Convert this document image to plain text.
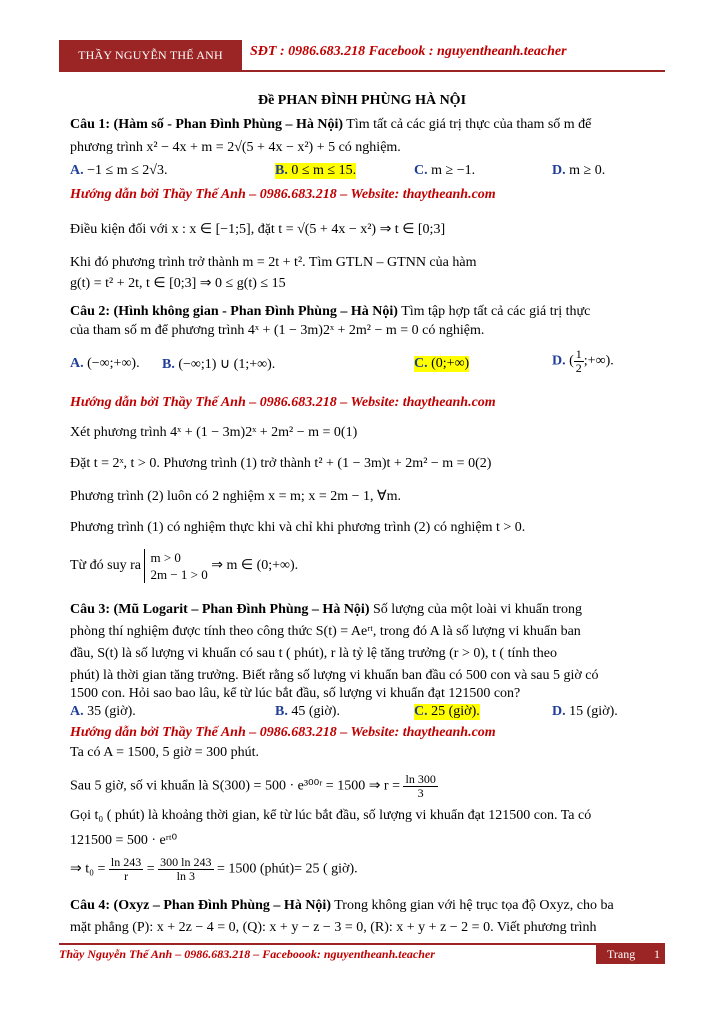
THẦY NGUYỄN THẾ ANH	SĐT : 0986.683.218 Facebook : nguyentheanh.teacher
Đề PHAN ĐÌNH PHÙNG HÀ NỘI
Câu 1: (Hàm số - Phan Đình Phùng – Hà Nội) Tìm tất cả các giá trị thực của tham số m để
phương trình x² − 4x + m = 2√(5 + 4x − x²) + 5 có nghiệm.
A. −1 ≤ m ≤ 2√3.	B. 0 ≤ m ≤ 15.	C. m ≥ −1.	D. m ≥ 0.
Hướng dẫn bởi Thầy Thế Anh – 0986.683.218 – Website: thaytheanh.com
Điều kiện đối với x : x ∈ [−1;5], đặt t = √(5 + 4x − x²) ⇒ t ∈ [0;3]
Khi đó phương trình trở thành m = 2t + t². Tìm GTLN – GTNN của hàm
g(t) = t² + 2t, t ∈ [0;3] ⇒ 0 ≤ g(t) ≤ 15
Câu 2: (Hình không gian - Phan Đình Phùng – Hà Nội) Tìm tập hợp tất cả các giá trị thực
của tham số m để phương trình 4ˣ + (1 − 3m)2ˣ + 2m² − m = 0 có nghiệm.
A. (−∞;+∞). B. (−∞;1) ∪ (1;+∞).	C. (0;+∞)	D. ( $\frac{1}{2}$ ;+∞).
Hướng dẫn bởi Thầy Thế Anh – 0986.683.218 – Website: thaytheanh.com
Xét phương trình 4ˣ + (1 − 3m)2ˣ + 2m² − m = 0(1)
Đặt t = 2ˣ, t > 0. Phương trình (1) trở thành t² + (1 − 3m)t + 2m² − m = 0(2)
Phương trình (2) luôn có 2 nghiệm x = m; x = 2m − 1, ∀m.
Phương trình (1) có nghiệm thực khi và chỉ khi phương trình (2) có nghiệm t > 0.
Từ đó suy ra
m > 0
2m − 1 > 0
⇒ m ∈ (0;+∞).
Câu 3: (Mũ Logarit – Phan Đình Phùng – Hà Nội) Số lượng của một loài vi khuẩn trong
phòng thí nghiệm được tính theo công thức S(t) = Aeʳᵗ, trong đó A là số lượng vi khuẩn ban
đầu, S(t) là số lượng vi khuẩn có sau t ( phút), r là tỷ lệ tăng trưởng (r > 0), t ( tính theo
phút) là thời gian tăng trưởng. Biết rằng số lượng vi khuẩn ban đầu có 500 con và sau 5 giờ có
1500 con. Hỏi sao bao lâu, kể từ lúc bắt đầu, số lượng vi khuẩn đạt 121500 con?
A. 35 (giờ).	B. 45 (giờ).	C. 25 (giờ).	D. 15 (giờ).
Hướng dẫn bởi Thầy Thế Anh – 0986.683.218 – Website: thaytheanh.com
Ta có A = 1500, 5 giờ = 300 phút.
Sau 5 giờ, số vi khuẩn là S(300) = 500 · e³⁰⁰ʳ = 1500 ⇒ $r = \frac{\ln 300}{3}$
Gọi t₀ ( phút) là khoảng thời gian, kể từ lúc bắt đầu, số lượng vi khuẩn đạt 121500 con. Ta có
121500 = 500 · eʳᵗ⁰
⇒ $t_0 = \frac{\ln 243}{r} = \frac{300 \ln 243}{\ln 3} = 1500$ (phút)= 25 ( giờ).
Câu 4: (Oxyz – Phan Đình Phùng – Hà Nội) Trong không gian với hệ trục tọa độ Oxyz, cho ba
mặt phẳng (P): x + 2z − 4 = 0, (Q): x + y − z − 3 = 0, (R): x + y + z − 2 = 0. Viết phương trình
Thầy Nguyễn Thế Anh – 0986.683.218 – Faceboook: nguyentheanh.teacher	Trang 1
